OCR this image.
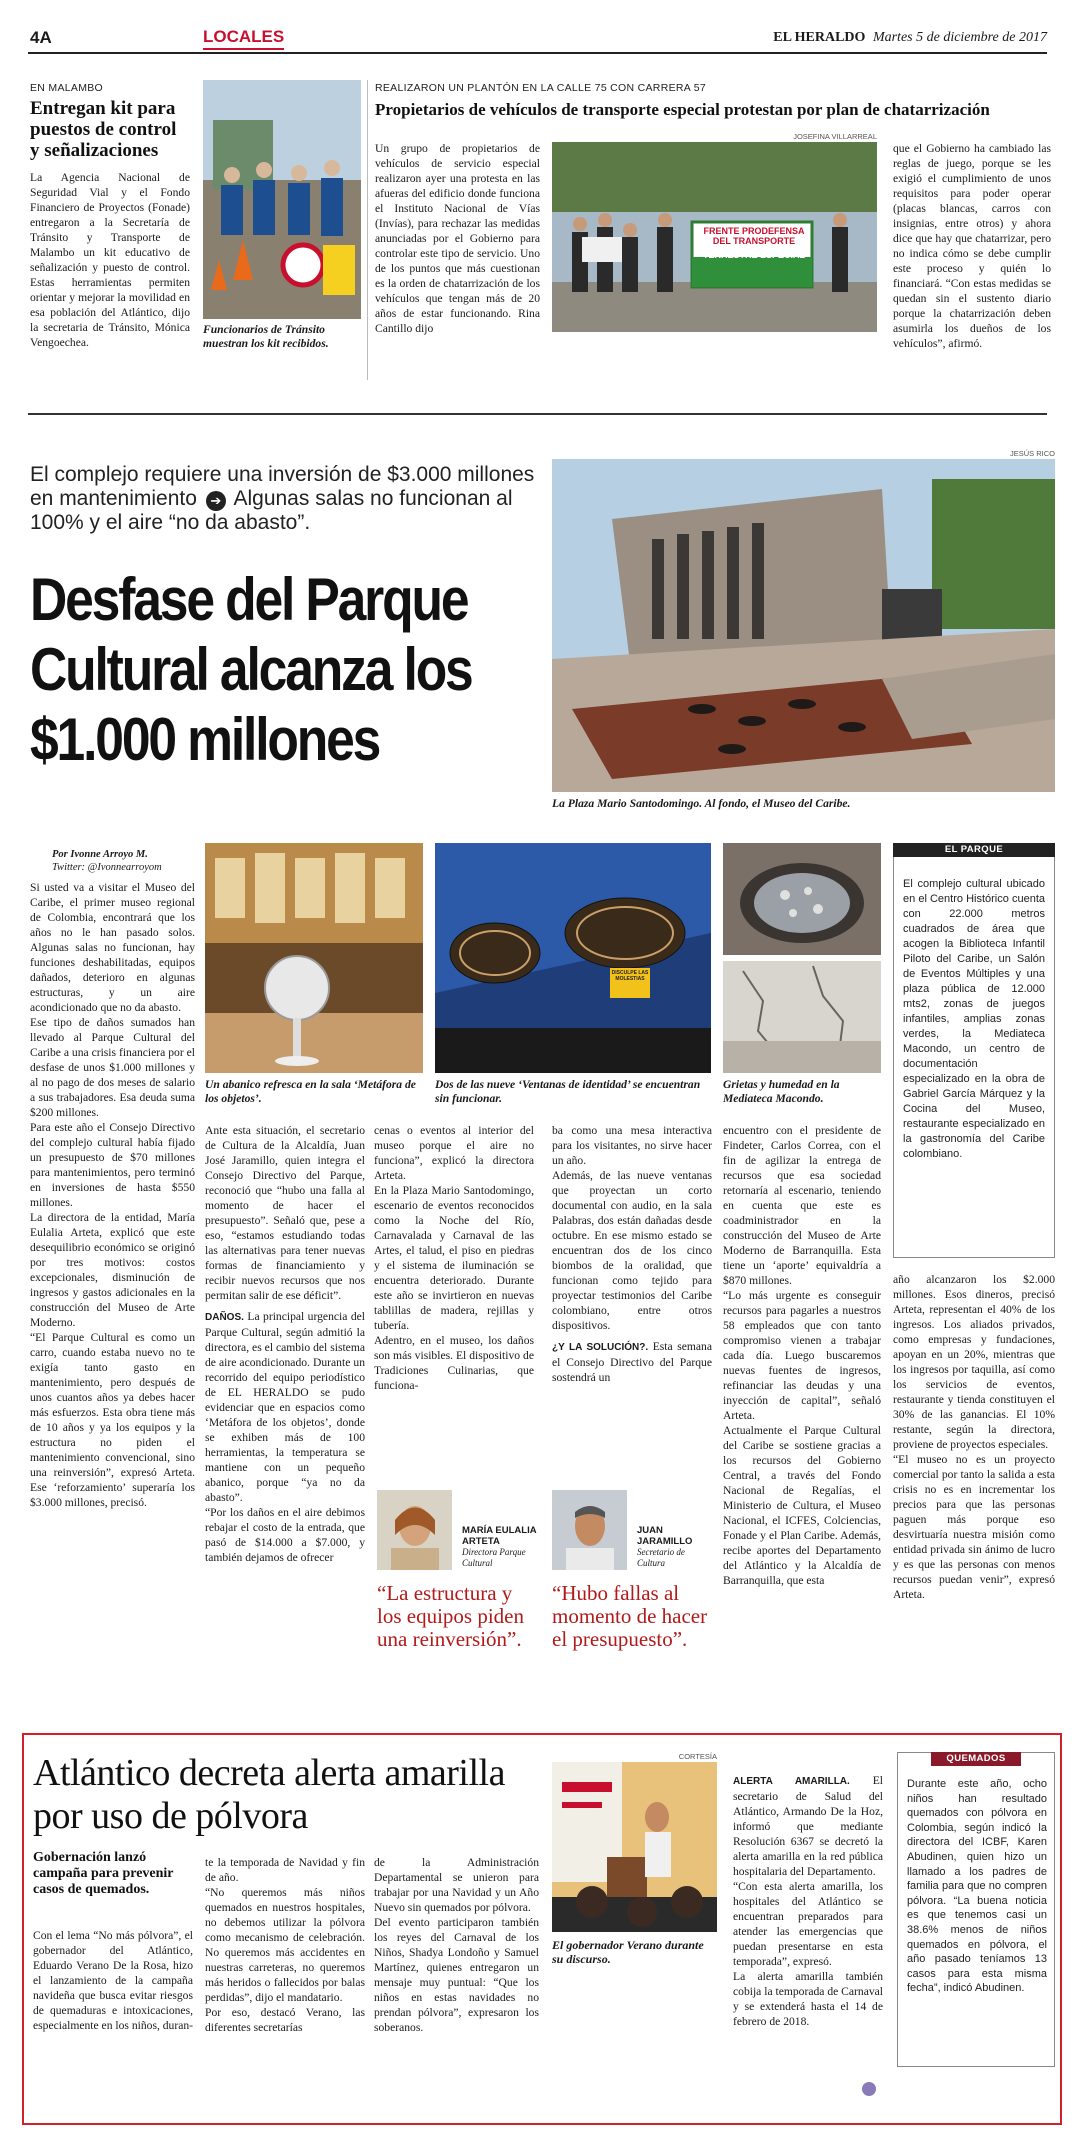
4A	LOCALES	EL HERALDO Martes 5 de diciembre de 2017
EN MALAMBO
Entregan kit para puestos de control y señalizaciones
La Agencia Nacional de Seguridad Vial y el Fondo Financiero de Proyectos (Fonade) entregaron a la Secretaría de Tránsito y Transporte de Malambo un kit educativo de señalización y puesto de control. Estas herramientas permiten orientar y mejorar la movilidad en esa población del Atlántico, dijo la secretaria de Tránsito, Mónica Vengoechea.
Funcionarios de Tránsito muestran los kit recibidos.
REALIZARON UN PLANTÓN EN LA CALLE 75 CON CARRERA 57
Propietarios de vehículos de transporte especial protestan por plan de chatarrización
Un grupo de propietarios de vehículos de servicio especial realizaron ayer una protesta en las afueras del edificio donde funciona el Instituto Nacional de Vías (Invías), para rechazar las medidas anunciadas por el Gobierno para controlar este tipo de servicio. Uno de los puntos que más cuestionan es la orden de chatarrización de los vehículos que tengan más de 20 años de estar funcionando. Rina Cantillo dijo
JOSEFINA VILLARREAL
FRENTE PRODEFENSA
DEL TRANSPORTE
TERRESTRE ESPECIAL
que el Gobierno ha cambiado las reglas de juego, porque se les exigió el cumplimiento de unos requisitos para poder operar (placas blancas, carros con insignias, entre otros) y ahora dice que hay que chatarrizar, pero no indica cómo se debe cumplir este proceso y quién lo financiará. “Con estas medidas se quedan sin el sustento diario porque la chatarrización deben asumirla los dueños de los vehículos”, afirmó.
El complejo requiere una inversión de $3.000 millones en mantenimiento ➔ Algunas salas no funcionan al 100% y el aire “no da abasto”.
Desfase del Parque Cultural alcanza los $1.000 millones
JESÚS RICO
La Plaza Mario Santodomingo. Al fondo, el Museo del Caribe.
Por Ivonne Arroyo M.
Twitter: @Ivonnearroyom
Un abanico refresca en la sala ‘Metáfora de los objetos’.
DISCULPE LAS MOLESTIAS
Dos de las nueve ‘Ventanas de identidad’ se encuentran sin funcionar.
Grietas y humedad en la Mediateca Macondo.
Si usted va a visitar el Museo del Caribe, el primer museo regional de Colombia, encontrará que los años no le han pasado solos. Algunas salas no funcionan, hay funciones deshabilitadas, equipos dañados, deterioro en algunas estructuras, y un aire acondicionado que no da abasto.
Ese tipo de daños sumados han llevado al Parque Cultural del Caribe a una crisis financiera por el desfase de unos $1.000 millones y al no pago de dos meses de salario a sus trabajadores. Esa deuda suma $200 millones.
Para este año el Consejo Directivo del complejo cultural había fijado un presupuesto de $70 millones para mantenimientos, pero terminó en inversiones de hasta $550 millones.
La directora de la entidad, María Eulalia Arteta, explicó que este desequilibrio económico se originó por tres motivos: costos excepcionales, disminución de ingresos y gastos adicionales en la construcción del Museo de Arte Moderno.
“El Parque Cultural es como un carro, cuando estaba nuevo no te exigía tanto gasto en mantenimiento, pero después de unos cuantos años ya debes hacer más esfuerzos. Esta obra tiene más de 10 años y ya los equipos y la estructura no piden el mantenimiento convencional, sino una reinversión”, expresó Arteta. Ese ‘reforzamiento’ superaría los $3.000 millones, precisó.
Ante esta situación, el secretario de Cultura de la Alcaldía, Juan José Jaramillo, quien integra el Consejo Directivo del Parque, reconoció que “hubo una falla al momento de hacer el presupuesto”. Señaló que, pese a eso, “estamos estudiando todas las alternativas para tener nuevas formas de financiamiento y recibir nuevos recursos que nos permitan salir de ese déficit”.
DAÑOS. La principal urgencia del Parque Cultural, según admitió la directora, es el cambio del sistema de aire acondicionado. Durante un recorrido del equipo periodístico de EL HERALDO se pudo evidenciar que en espacios como ‘Metáfora de los objetos’, donde se exhiben más de 100 herramientas, la temperatura se mantiene con un pequeño abanico, porque “ya no da abasto”.
“Por los daños en el aire debimos rebajar el costo de la entrada, que pasó de $14.000 a $7.000, y también dejamos de ofrecer
cenas o eventos al interior del museo porque el aire no funciona”, explicó la directora Arteta.
En la Plaza Mario Santodomingo, escenario de eventos reconocidos como la Noche del Río, Carnavalada y Carnaval de las Artes, el talud, el piso en piedras y el sistema de iluminación se encuentra deteriorado. Durante este año se invirtieron en nuevas tablillas de madera, rejillas y tubería.
Adentro, en el museo, los daños son más visibles. El dispositivo de Tradiciones Culinarias, que funciona-
ba como una mesa interactiva para los visitantes, no sirve hacer un año.
Además, de las nueve ventanas que proyectan un corto documental con audio, en la sala Palabras, dos están dañadas desde octubre. En ese mismo estado se encuentran dos de los cinco biombos de la oralidad, que funcionan como tejido para proyectar testimonios del Caribe colombiano, entre otros dispositivos.
¿Y LA SOLUCIÓN?. Esta semana el Consejo Directivo del Parque sostendrá un
encuentro con el presidente de Findeter, Carlos Correa, con el fin de agilizar la entrega de recursos que esa sociedad retornaría al escenario, teniendo en cuenta que este es coadministrador en la construcción del Museo de Arte Moderno de Barranquilla. Esta tiene un ‘aporte’ equivaldría a $870 millones.
“Lo más urgente es conseguir recursos para pagarles a nuestros 58 empleados que con tanto compromiso vienen a trabajar cada día. Luego buscaremos nuevas fuentes de ingresos, refinanciar las deudas y una inyección de capital”, señaló Arteta.
Actualmente el Parque Cultural del Caribe se sostiene gracias a los recursos del Gobierno Central, a través del Fondo Nacional de Regalías, el Ministerio de Cultura, el Museo Nacional, el ICFES, Colciencias, Fonade y el Plan Caribe. Además, recibe aportes del Departamento del Atlántico y la Alcaldía de Barranquilla, que esta
MARÍA EULALIA ARTETA
Directora Parque Cultural
“La estructura y los equipos piden una reinversión”.
JUAN JARAMILLO
Secretario de Cultura
“Hubo fallas al momento de hacer el presupuesto”.
EL PARQUE
El complejo cultural ubicado en el Centro Histórico cuenta con 22.000 metros cuadrados de área que acogen la Biblioteca Infantil Piloto del Caribe, un Salón de Eventos Múltiples y una plaza pública de 12.000 mts2, zonas de juegos infantiles, amplias zonas verdes, la Mediateca Macondo, un centro de documentación especializado en la obra de Gabriel García Márquez y la Cocina del Museo, restaurante especializado en la gastronomía del Caribe colombiano.
año alcanzaron los $2.000 millones. Esos dineros, precisó Arteta, representan el 40% de los ingresos. Los aliados privados, como empresas y fundaciones, apoyan en un 20%, mientras que los ingresos por taquilla, así como los servicios de eventos, restaurante y tienda constituyen el 30% de las ganancias. El 10% restante, según la directora, proviene de proyectos especiales.
“El museo no es un proyecto comercial por tanto la salida a esta crisis no es en incrementar los precios para que las personas paguen más porque eso desvirtuaría nuestra misión como entidad privada sin ánimo de lucro y es que las personas con menos recursos puedan venir”, expresó Arteta.
Atlántico decreta alerta amarilla por uso de pólvora
Gobernación lanzó campaña para prevenir casos de quemados.
Con el lema “No más pólvora”, el gobernador del Atlántico, Eduardo Verano De la Rosa, hizo el lanzamiento de la campaña navideña que busca evitar riesgos de quemaduras e intoxicaciones, especialmente en los niños, duran-
te la temporada de Navidad y fin de año.
“No queremos más niños quemados en nuestros hospitales, no debemos utilizar la pólvora como mecanismo de celebración. No queremos más accidentes en nuestras carreteras, no queremos más heridos o fallecidos por balas perdidas”, dijo el mandatario.
Por eso, destacó Verano, las diferentes secretarías
de la Administración Departamental se unieron para trabajar por una Navidad y un Año Nuevo sin quemados por pólvora.
Del evento participaron también los reyes del Carnaval de los Niños, Shadya Londoño y Samuel Martínez, quienes entregaron un mensaje muy puntual: “Que los niños en estas navidades no prendan pólvora”, expresaron los soberanos.
CORTESÍA
El gobernador Verano durante su discurso.

ALERTA AMARILLA. El secretario de Salud del Atlántico, Armando De la Hoz, informó que mediante Resolución 6367 se decretó la alerta amarilla en la red pública hospitalaria del Departamento.
“Con esta alerta amarilla, los hospitales del Atlántico se encuentran preparados para atender las emergencias que puedan presentarse en esta temporada”, expresó.
La alerta amarilla también cobija la temporada de Carnaval y se extenderá hasta el 14 de febrero de 2018.

QUEMADOS
Durante este año, ocho niños han resultado quemados con pólvora en Colombia, según indicó la directora del ICBF, Karen Abudinen, quien hizo un llamado a los padres de familia para que no compren pólvora. “La buena noticia es que tenemos casi un 38.6% menos de niños quemados en pólvora, el año pasado teníamos 13 casos para esta misma fecha”, indicó Abudinen.
